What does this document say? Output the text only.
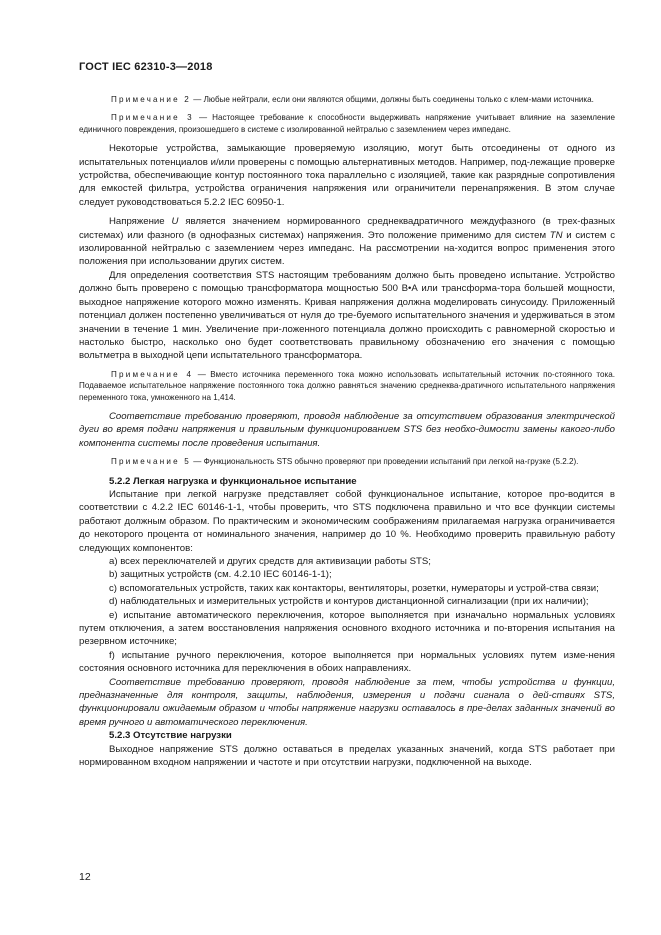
ГОСТ IEC 62310-3—2018

Примечание 2 — Любые нейтрали, если они являются общими, должны быть соединены только с клем-мами источника.

Примечание 3 — Настоящее требование к способности выдерживать напряжение учитывает влияние на заземление единичного повреждения, произошедшего в системе с изолированной нейтралью с заземлением через импеданс.

Некоторые устройства, замыкающие проверяемую изоляцию, могут быть отсоединены от одного из испытательных потенциалов и/или проверены с помощью альтернативных методов. Например, под-лежащие проверке устройства, обеспечивающие контур постоянного тока параллельно с изоляцией, такие как разрядные сопротивления для емкостей фильтра, устройства ограничения напряжения или ограничители перенапряжения. В этом случае следует руководствоваться 5.2.2 IEC 60950-1.

Напряжение U является значением нормированного среднеквадратичного междуфазного (в трех-фазных системах) или фазного (в однофазных системах) напряжения. Это положение применимо для систем TN и систем с изолированной нейтралью с заземлением через импеданс. На рассмотрении на-ходится вопрос применения этого положения при использовании других систем.

Для определения соответствия STS настоящим требованиям должно быть проведено испытание. Устройство должно быть проверено с помощью трансформатора мощностью 500 В•А или трансформа-тора большей мощности, выходное напряжение которого можно изменять. Кривая напряжения должна моделировать синусоиду. Приложенный потенциал должен постепенно увеличиваться от нуля до тре-буемого испытательного значения и удерживаться в этом значении в течение 1 мин. Увеличение при-ложенного потенциала должно происходить с равномерной скоростью и настолько быстро, насколько оно будет соответствовать правильному обозначению его значения с помощью вольтметра в выходной цепи испытательного трансформатора.

Примечание 4 — Вместо источника переменного тока можно использовать испытательный источник по-стоянного тока. Подаваемое испытательное напряжение постоянного тока должно равняться значению среднеква-дратичного испытательного напряжения переменного тока, умноженного на 1,414.

Соответствие требованию проверяют, проводя наблюдение за отсутствием образования электрической дуги во время подачи напряжения и правильным функционированием STS без необхо-димости замены какого-либо компонента системы после проведения испытания.

Примечание 5 — Функциональность STS обычно проверяют при проведении испытаний при легкой на-грузке (5.2.2).

5.2.2 Легкая нагрузка и функциональное испытание

Испытание при легкой нагрузке представляет собой функциональное испытание, которое про-водится в соответствии с 4.2.2 IEC 60146-1-1, чтобы проверить, что STS подключена правильно и что все функции системы работают должным образом. По практическим и экономическим соображениям прилагаемая нагрузка ограничивается до некоторого процента от номинального значения, например до 10 %. Необходимо проверить правильную работу следующих компонентов:

a) всех переключателей и других средств для активизации работы STS;

b) защитных устройств (см. 4.2.10 IEC 60146-1-1);

c) вспомогательных устройств, таких как контакторы, вентиляторы, розетки, нумераторы и устрой-ства связи;

d) наблюдательных и измерительных устройств и контуров дистанционной сигнализации (при их наличии);

e) испытание автоматического переключения, которое выполняется при изначально нормальных условиях путем отключения, а затем восстановления напряжения основного входного источника и по-вторения испытания на резервном источнике;

f) испытание ручного переключения, которое выполняется при нормальных условиях путем изме-нения состояния основного источника для переключения в обоих направлениях.

Соответствие требованию проверяют, проводя наблюдение за тем, чтобы устройства и функции, предназначенные для контроля, защиты, наблюдения, измерения и подачи сигнала о дей-ствиях STS, функционировали ожидаемым образом и чтобы напряжение нагрузки оставалось в пре-делах заданных значений во время ручного и автоматического переключения.

5.2.3 Отсутствие нагрузки

Выходное напряжение STS должно оставаться в пределах указанных значений, когда STS работает при нормированном входном напряжении и частоте и при отсутствии нагрузки, подключенной на выходе.

12
